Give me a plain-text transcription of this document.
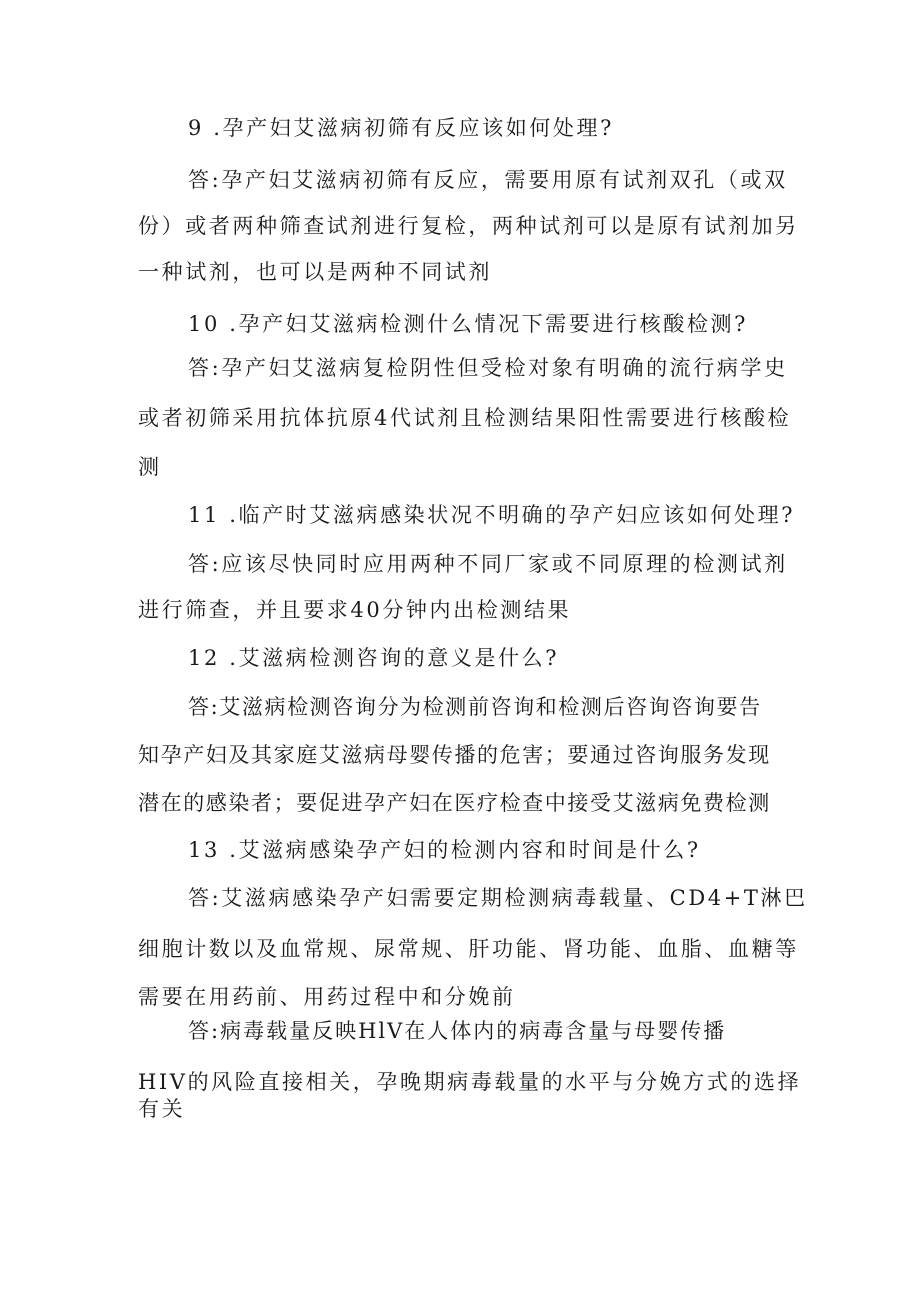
9 .孕产妇艾滋病初筛有反应该如何处理?
答:孕产妇艾滋病初筛有反应，需要用原有试剂双孔（或双
份）或者两种筛查试剂进行复检，两种试剂可以是原有试剂加另
一种试剂，也可以是两种不同试剂
10 .孕产妇艾滋病检测什么情况下需要进行核酸检测?
答:孕产妇艾滋病复检阴性但受检对象有明确的流行病学史
或者初筛采用抗体抗原4代试剂且检测结果阳性需要进行核酸检
测
11 .临产时艾滋病感染状况不明确的孕产妇应该如何处理?
答:应该尽快同时应用两种不同厂家或不同原理的检测试剂
进行筛查，并且要求40分钟内出检测结果
12 .艾滋病检测咨询的意义是什么?
答:艾滋病检测咨询分为检测前咨询和检测后咨询咨询要告
知孕产妇及其家庭艾滋病母婴传播的危害；要通过咨询服务发现
潜在的感染者；要促进孕产妇在医疗检查中接受艾滋病免费检测
13 .艾滋病感染孕产妇的检测内容和时间是什么?
答:艾滋病感染孕产妇需要定期检测病毒载量、CD4+T淋巴
细胞计数以及血常规、尿常规、肝功能、肾功能、血脂、血糖等
需要在用药前、用药过程中和分娩前
答:病毒载量反映HlV在人体内的病毒含量与母婴传播
HIV的风险直接相关，孕晚期病毒载量的水平与分娩方式的选择
有关
